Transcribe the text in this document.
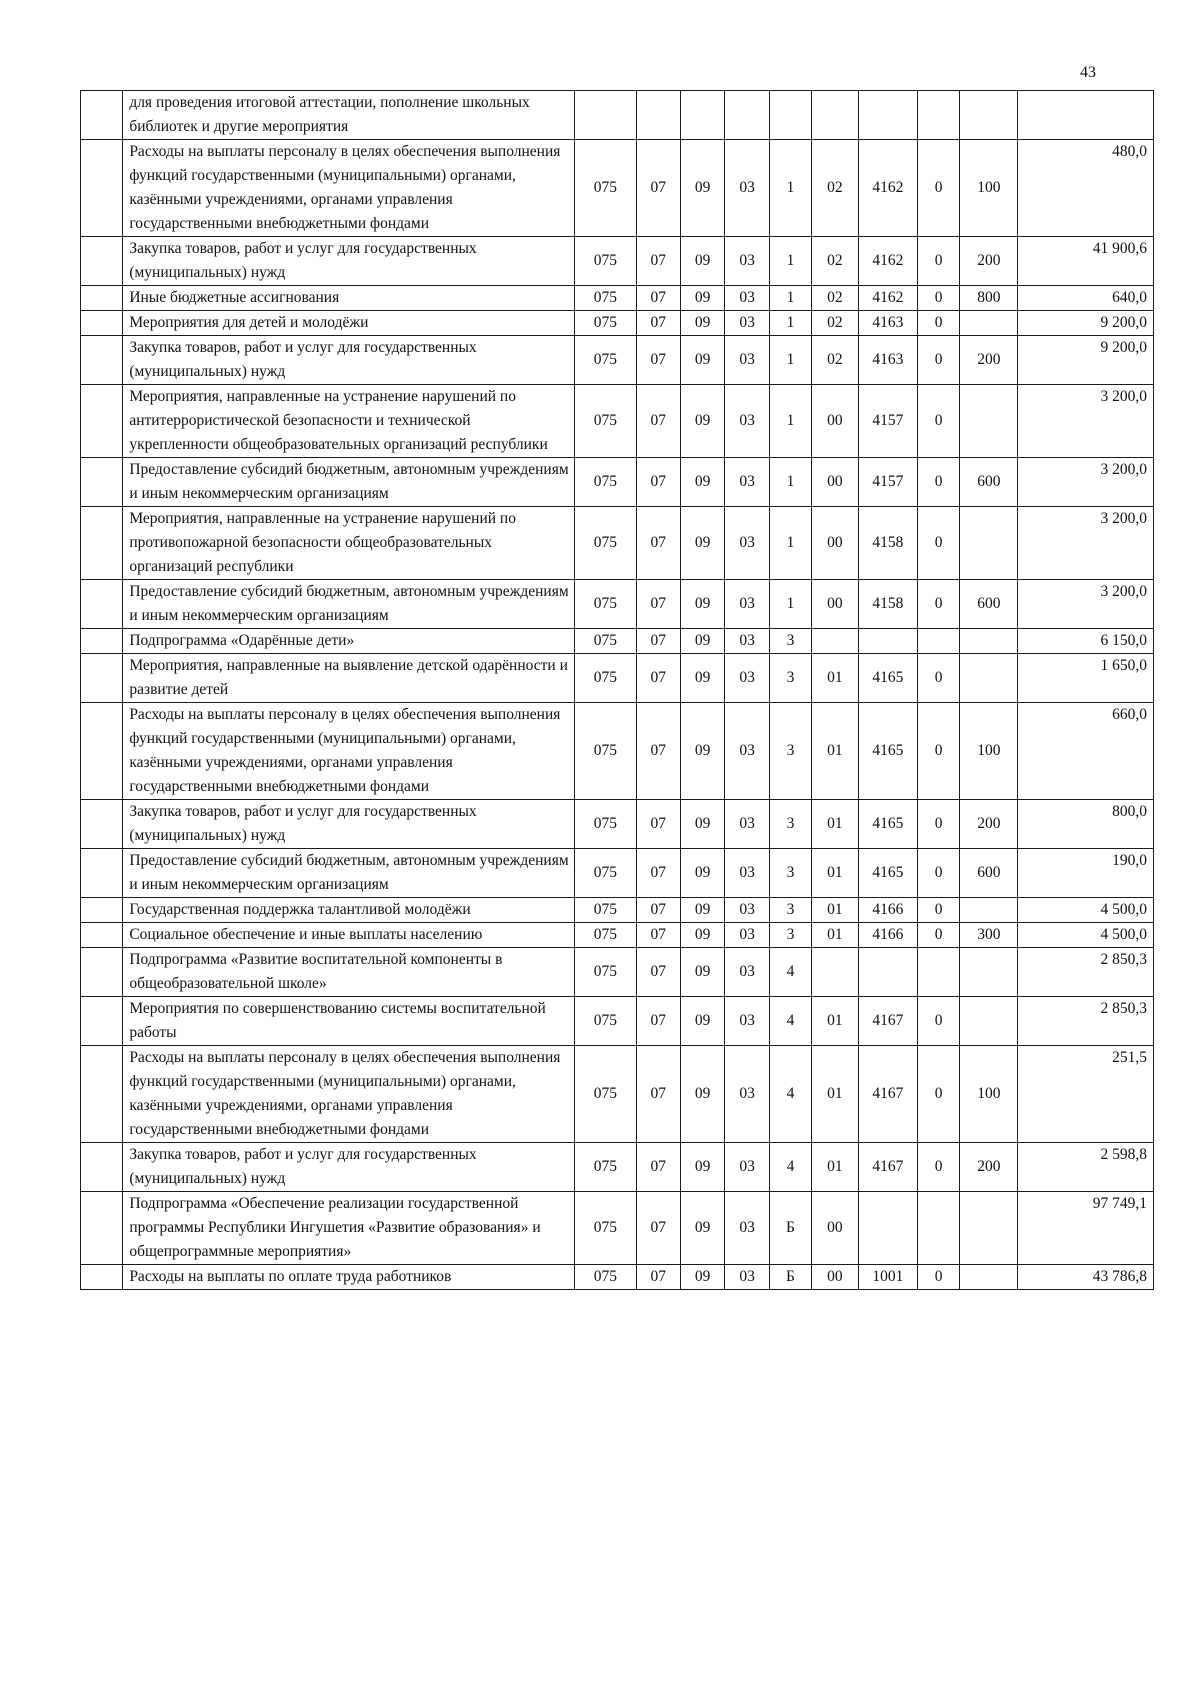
43
	для проведения итоговой аттестации, пополнение школьных библиотек и другие мероприятия										
	Расходы на выплаты персоналу в целях обеспечения выполнения функций государственными (муниципальными) органами, казёнными учреждениями, органами управления государственными внебюджетными фондами	075	07	09	03	1	02	4162	0	100	480,0
	Закупка товаров, работ и услуг для государственных (муниципальных) нужд	075	07	09	03	1	02	4162	0	200	41 900,6
	Иные бюджетные ассигнования	075	07	09	03	1	02	4162	0	800	640,0
	Мероприятия для детей и молодёжи	075	07	09	03	1	02	4163	0		9 200,0
	Закупка товаров, работ и услуг для государственных (муниципальных) нужд	075	07	09	03	1	02	4163	0	200	9 200,0
	Мероприятия, направленные на устранение нарушений по антитеррористической безопасности и технической укрепленности общеобразовательных организаций республики	075	07	09	03	1	00	4157	0		3 200,0
	Предоставление субсидий бюджетным, автономным учреждениям и иным некоммерческим организациям	075	07	09	03	1	00	4157	0	600	3 200,0
	Мероприятия, направленные на устранение нарушений по противопожарной безопасности общеобразовательных организаций республики	075	07	09	03	1	00	4158	0		3 200,0
	Предоставление субсидий бюджетным, автономным учреждениям и иным некоммерческим организациям	075	07	09	03	1	00	4158	0	600	3 200,0
	Подпрограмма «Одарённые дети»	075	07	09	03	3					6 150,0
	Мероприятия, направленные на выявление детской одарённости и развитие детей	075	07	09	03	3	01	4165	0		1 650,0
	Расходы на выплаты персоналу в целях обеспечения выполнения функций государственными (муниципальными) органами, казёнными учреждениями, органами управления государственными внебюджетными фондами	075	07	09	03	3	01	4165	0	100	660,0
	Закупка товаров, работ и услуг для государственных (муниципальных) нужд	075	07	09	03	3	01	4165	0	200	800,0
	Предоставление субсидий бюджетным, автономным учреждениям и иным некоммерческим организациям	075	07	09	03	3	01	4165	0	600	190,0
	Государственная поддержка талантливой молодёжи	075	07	09	03	3	01	4166	0		4 500,0
	Социальное обеспечение и иные выплаты населению	075	07	09	03	3	01	4166	0	300	4 500,0
	Подпрограмма «Развитие воспитательной компоненты в общеобразовательной школе»	075	07	09	03	4					2 850,3
	Мероприятия по совершенствованию системы воспитательной работы	075	07	09	03	4	01	4167	0		2 850,3
	Расходы на выплаты персоналу в целях обеспечения выполнения функций государственными (муниципальными) органами, казёнными учреждениями, органами управления государственными внебюджетными фондами	075	07	09	03	4	01	4167	0	100	251,5
	Закупка товаров, работ и услуг для государственных (муниципальных) нужд	075	07	09	03	4	01	4167	0	200	2 598,8
	Подпрограмма «Обеспечение реализации государственной программы Республики Ингушетия «Развитие образования» и общепрограммные мероприятия»	075	07	09	03	Б	00				97 749,1
	Расходы на выплаты по оплате труда работников	075	07	09	03	Б	00	1001	0		43 786,8
